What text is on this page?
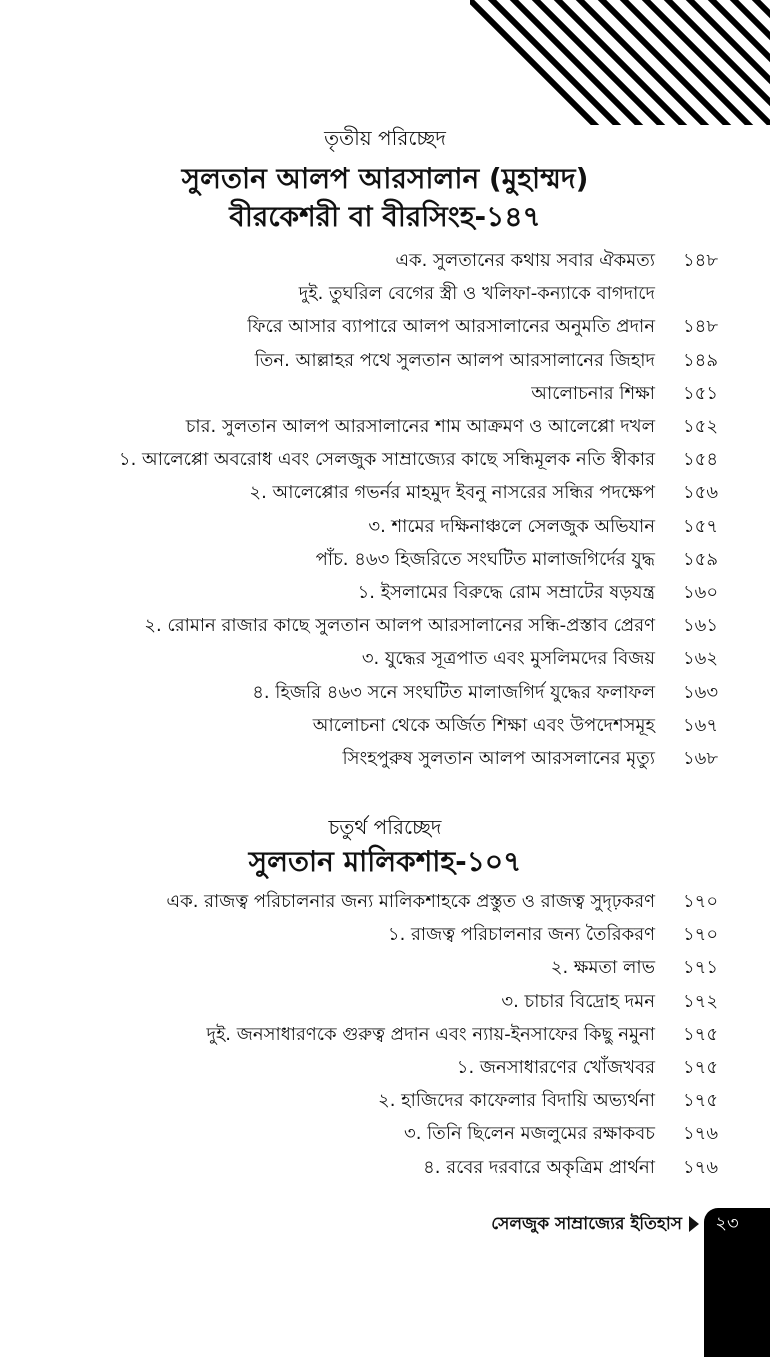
তৃতীয় পরিচ্ছেদ
সুলতান আলপ আরসালান (মুহাম্মদ)
বীরকেশরী বা বীরসিংহ-১৪৭
এক. সুলতানের কথায় সবার ঐকমত্য ১৪৮
দুই. তুঘরিল বেগের স্ত্রী ও খলিফা-কন্যাকে বাগদাদে
ফিরে আসার ব্যাপারে আলপ আরসালানের অনুমতি প্রদান ১৪৮
তিন. আল্লাহর পথে সুলতান আলপ আরসালানের জিহাদ ১৪৯
আলোচনার শিক্ষা ১৫১
চার. সুলতান আলপ আরসালানের শাম আক্রমণ ও আলেপ্পো দখল ১৫২
১. আলেপ্পো অবরোধ এবং সেলজুক সাম্রাজ্যের কাছে সন্ধিমূলক নতি স্বীকার ১৫৪
২. আলেপ্পোর গভর্নর মাহমুদ ইবনু নাসরের সন্ধির পদক্ষেপ ১৫৬
৩. শামের দক্ষিনাঞ্চলে সেলজুক অভিযান ১৫৭
পাঁচ. ৪৬৩ হিজরিতে সংঘটিত মালাজগির্দের যুদ্ধ ১৫৯
১. ইসলামের বিরুদ্ধে রোম সম্রাটের ষড়যন্ত্র ১৬০
২. রোমান রাজার কাছে সুলতান আলপ আরসালানের সন্ধি-প্রস্তাব প্রেরণ ১৬১
৩. যুদ্ধের সূত্রপাত এবং মুসলিমদের বিজয় ১৬২
৪. হিজরি ৪৬৩ সনে সংঘটিত মালাজগির্দ যুদ্ধের ফলাফল ১৬৩
আলোচনা থেকে অর্জিত শিক্ষা এবং উপদেশসমূহ ১৬৭
সিংহপুরুষ সুলতান আলপ আরসলানের মৃত্যু ১৬৮
চতুর্থ পরিচ্ছেদ
সুলতান মালিকশাহ-১০৭
এক. রাজত্ব পরিচালনার জন্য মালিকশাহকে প্রস্তুত ও রাজত্ব সুদৃঢ়করণ ১৭০
১. রাজত্ব পরিচালনার জন্য তৈরিকরণ ১৭০
২. ক্ষমতা লাভ ১৭১
৩. চাচার বিদ্রোহ দমন ১৭২
দুই. জনসাধারণকে গুরুত্ব প্রদান এবং ন্যায়-ইনসাফের কিছু নমুনা ১৭৫
১. জনসাধারণের খোঁজখবর ১৭৫
২. হাজিদের কাফেলার বিদায়ি অভ্যর্থনা ১৭৫
৩. তিনি ছিলেন মজলুমের রক্ষাকবচ ১৭৬
৪. রবের দরবারে অকৃত্রিম প্রার্থনা ১৭৬
সেলজুক সাম্রাজ্যের ইতিহাস	২৩
